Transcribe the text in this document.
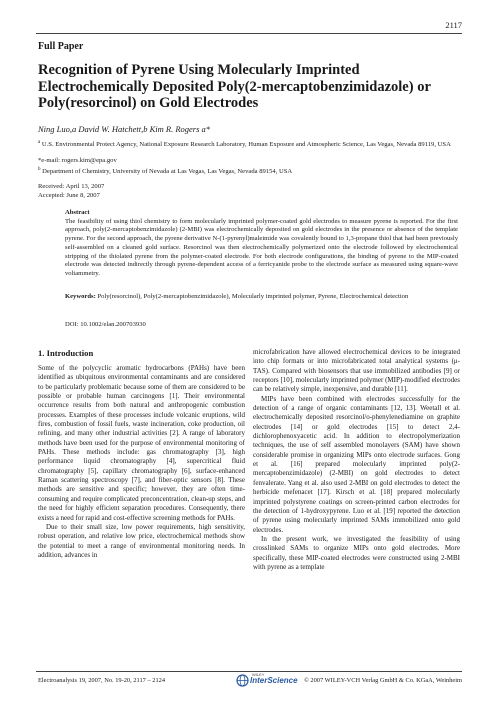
2117
Full Paper
Recognition of Pyrene Using Molecularly Imprinted Electrochemically Deposited Poly(2-mercaptobenzimidazole) or Poly(resorcinol) on Gold Electrodes
Ning Luo,a David W. Hatchett,b Kim R. Rogers a*
$^a$ U.S. Environmental Protect Agency, National Exposure Research Laboratory, Human Exposure and Atmospheric Science, Las Vegas, Nevada 89119, USA
*e-mail: rogers.kim@epa.gov
$^b$ Department of Chemistry, University of Nevada at Las Vegas, Las Vegas, Nevada 89154, USA
Received: April 13, 2007
Accepted: June 8, 2007
Abstract
The feasibility of using thiol chemistry to form molecularly imprinted polymer-coated gold electrodes to measure pyrene is reported. For the first approach, poly(2-mercaptobenzimidazole) (2-MBI) was electrochemically deposited on gold electrodes in the presence or absence of the template pyrene. For the second approach, the pyrene derivative N-(1-pyrenyl)maleimide was covalently bound to 1,3-propane thiol that had been previously self-assembled on a cleaned gold surface. Resorcinol was then electrochemically polymerized onto the electrode followed by electrochemical stripping of the thiolated pyrene from the polymer-coated electrode. For both electrode configurations, the binding of pyrene to the MIP-coated electrode was detected indirectly through pyrene-dependent access of a ferricyanide probe to the electrode surface as measured using square-wave voltammetry.
Keywords: Poly(resorcinol), Poly(2-mercaptobenzimidazole), Molecularly imprinted polymer, Pyrene, Electrochemical detection
DOI: 10.1002/elan.200703930
1. Introduction

Some of the polycyclic aromatic hydrocarbons (PAHs) have been identified as ubiquitous environmental contaminants and are considered to be particularly problematic because some of them are considered to be possible or probable human carcinogens [1]. Their environmental occurrence results from both natural and anthropogenic combustion processes. Examples of these processes include volcanic eruptions, wild fires, combustion of fossil fuels, waste incineration, coke production, oil refining, and many other industrial activities [2]. A range of laboratory methods have been used for the purpose of environmental monitoring of PAHs. These methods include: gas chromatography [3], high performance liquid chromatography [4], supercritical fluid chromatography [5], capillary chromatography [6], surface-enhanced Raman scattering spectroscopy [7], and fiber-optic sensors [8]. These methods are sensitive and specific; however, they are often time-consuming and require complicated preconcentration, clean-up steps, and the need for highly efficient separation procedures. Consequently, there exists a need for rapid and cost-effective screening methods for PAHs.

Due to their small size, low power requirements, high sensitivity, robust operation, and relative low price, electrochemical methods show the potential to meet a range of environmental monitoring needs. In addition, advances in

microfabrication have allowed electrochemical devices to be integrated into chip formats or into microfabricated total analytical systems (μ-TAS). Compared with biosensors that use immobilized antibodies [9] or receptors [10], molecularly imprinted polymer (MIP)-modified electrodes can be relatively simple, inexpensive, and durable [11].

MIPs have been combined with electrodes successfully for the detection of a range of organic contaminants [12, 13]. Weetall et al. electrochemically deposited resorcinol/o-phenylenediamine on graphite electrodes [14] or gold electrodes [15] to detect 2,4-dichlorophenoxyacetic acid. In addition to electropolymerization techniques, the use of self assembled monolayers (SAM) have shown considerable promise in organizing MIPs onto electrode surfaces. Gong et al. [16] prepared molecularly imprinted poly(2-mercaptobenzimidazole) (2-MBI) on gold electrodes to detect fenvalerate. Yang et al. also used 2-MBI on gold electrodes to detect the herbicide mefenacet [17]. Kirsch et al. [18] prepared molecularly imprinted polystyrene coatings on screen-printed carbon electrodes for the detection of 1-hydroxypyrene. Luo et al. [19] reported the detection of pyrene using molecularly imprinted SAMs immobilized onto gold electrodes.

In the present work, we investigated the feasibility of using crosslinked SAMs to organize MIPs onto gold electrodes. More specifically, these MIP-coated electrodes were constructed using 2-MBI with pyrene as a template

Electroanalysis 19, 2007, No. 19-20, 2117 – 2124
WILEY
InterScience © 2007 WILEY-VCH Verlag GmbH & Co. KGaA, Weinheim
